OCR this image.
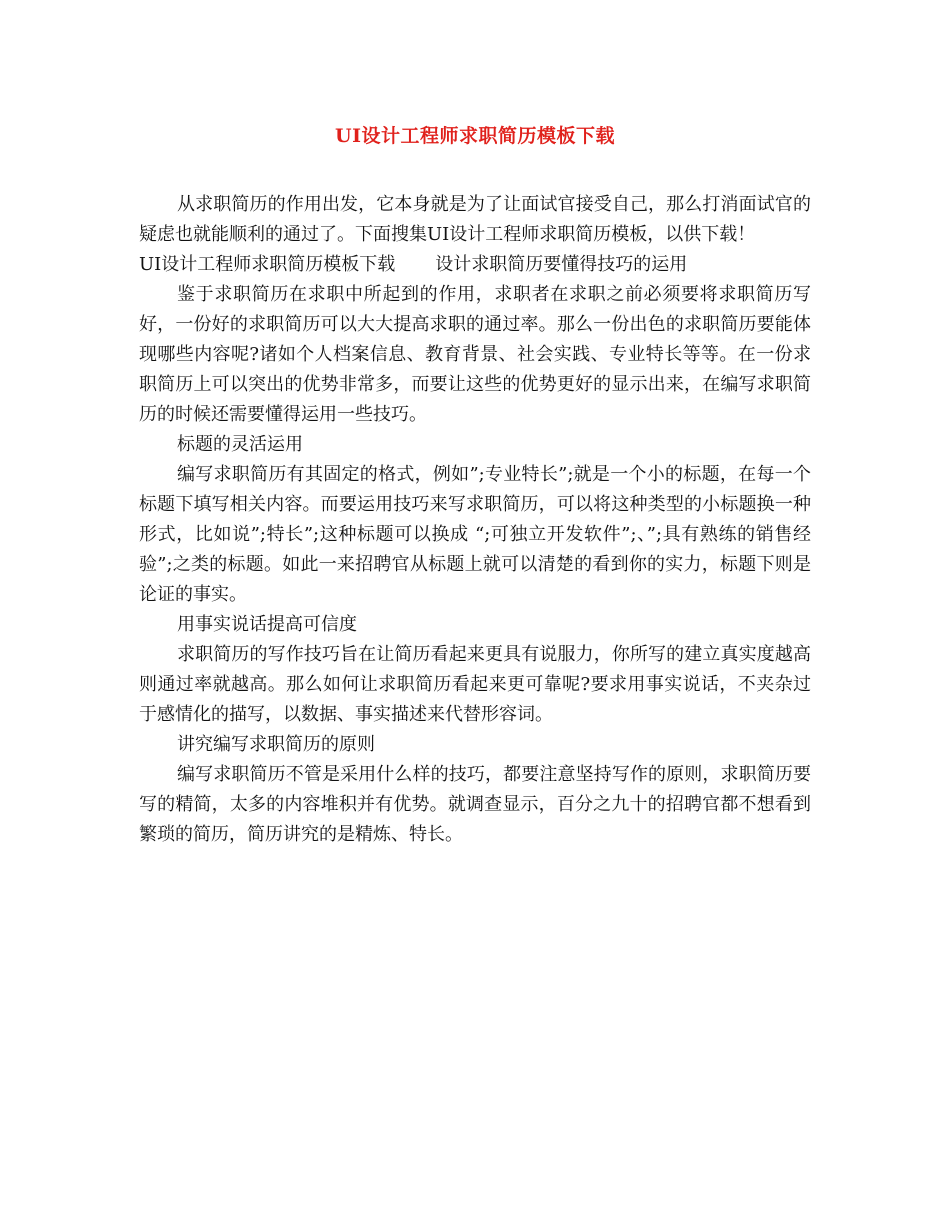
UI设计工程师求职简历模板下载

从求职简历的作用出发，它本身就是为了让面试官接受自己，那么打消面试官的疑虑也就能顺利的通过了。下面搜集UI设计工程师求职简历模板，以供下载！

UI设计工程师求职简历模板下载 设计求职简历要懂得技巧的运用

鉴于求职简历在求职中所起到的作用，求职者在求职之前必须要将求职简历写好，一份好的求职简历可以大大提高求职的通过率。那么一份出色的求职简历要能体现哪些内容呢?诸如个人档案信息、教育背景、社会实践、专业特长等等。在一份求职简历上可以突出的优势非常多，而要让这些的优势更好的显示出来，在编写求职简历的时候还需要懂得运用一些技巧。

标题的灵活运用

编写求职简历有其固定的格式，例如”;专业特长”;就是一个小的标题，在每一个标题下填写相关内容。而要运用技巧来写求职简历，可以将这种类型的小标题换一种形式，比如说”;特长”;这种标题可以换成 “;可独立开发软件”;、”;具有熟练的销售经验”;之类的标题。如此一来招聘官从标题上就可以清楚的看到你的实力，标题下则是论证的事实。

用事实说话提高可信度

求职简历的写作技巧旨在让简历看起来更具有说服力，你所写的建立真实度越高则通过率就越高。那么如何让求职简历看起来更可靠呢?要求用事实说话，不夹杂过于感情化的描写，以数据、事实描述来代替形容词。

讲究编写求职简历的原则

编写求职简历不管是采用什么样的技巧，都要注意坚持写作的原则，求职简历要写的精简，太多的内容堆积并有优势。就调查显示，百分之九十的招聘官都不想看到繁琐的简历，简历讲究的是精炼、特长。
